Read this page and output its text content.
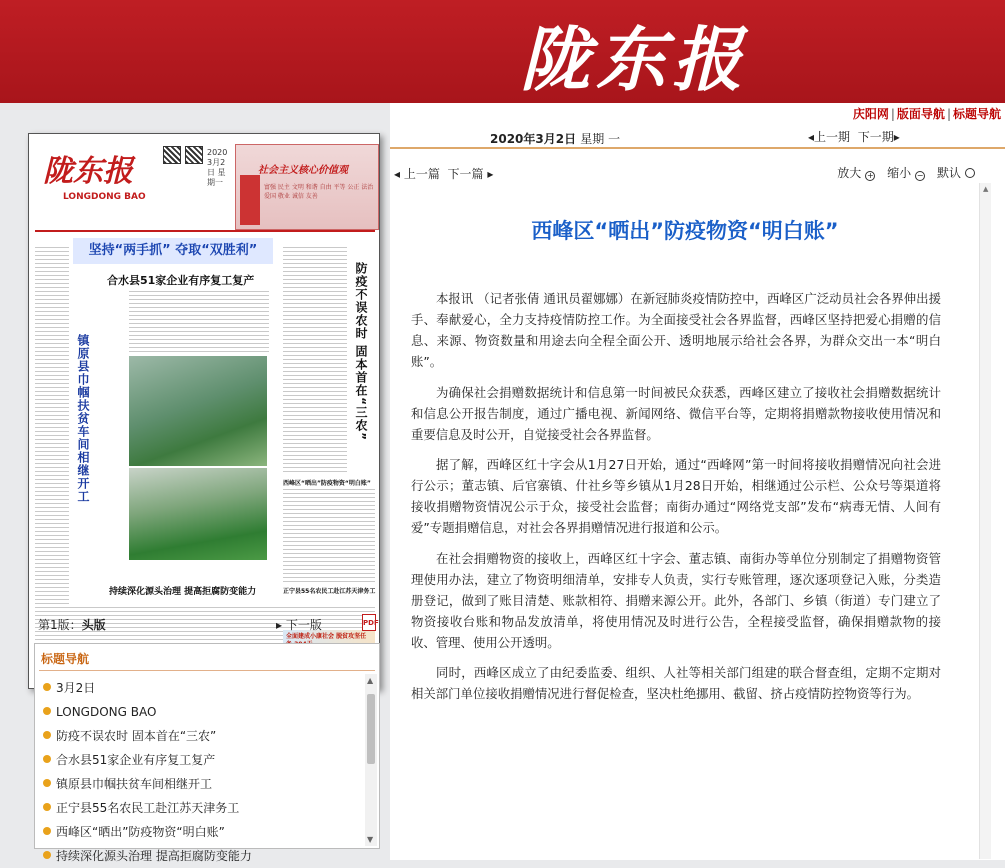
陇东报
庆阳网 | 版面导航 | 标题导航
陇东报
LONGDONG BAO
2020 3月2日 星期一
社会主义核心价值观
富强 民主 文明 和谐 自由 平等 公正 法治 爱国 敬业 诚信 友善
坚持“两手抓” 夺取“双胜利”
合水县51家企业有序复工复产
镇原县巾帼扶贫车间相继开工	防疫不误农时 固本首在“三农”
持续深化源头治理 提高拒腐防变能力
西峰区“晒出”防疫物资“明白账”
正宁县55名农民工赴江苏天津务工
全面建成小康社会 脱贫攻坚任
第1版：头版	▸ 下一版	PDF
标题导航
3月2日
LONGDONG BAO
防疫不误农时 固本首在“三农”
合水县51家企业有序复工复产
镇原县巾帼扶贫车间相继开工
正宁县55名农民工赴江苏天津务工
西峰区“晒出”防疫物资“明白账”
持续深化源头治理 提高拒腐防变能力
▲
▼
2020年3月2日 星期 一	◂上一期 下一期▸
◂ 上一篇 下一篇 ▸	放大 + 缩小 − 默认
▲
西峰区“晒出”防疫物资“明白账”

本报讯 （记者张倩 通讯员翟娜娜）在新冠肺炎疫情防控中，西峰区广泛动员社会各界伸出援手、奉献爱心，全力支持疫情防控工作。为全面接受社会各界监督，西峰区坚持把爱心捐赠的信息、来源、物资数量和用途去向全程全面公开、透明地展示给社会各界，为群众交出一本“明白账”。

为确保社会捐赠数据统计和信息第一时间被民众获悉，西峰区建立了接收社会捐赠数据统计和信息公开报告制度，通过广播电视、新闻网络、微信平台等，定期将捐赠款物接收使用情况和重要信息及时公开，自觉接受社会各界监督。

据了解，西峰区红十字会从1月27日开始，通过“西峰网”第一时间将接收捐赠情况向社会进行公示；董志镇、后官寨镇、什社乡等乡镇从1月28日开始，相继通过公示栏、公众号等渠道将接收捐赠物资情况公示于众，接受社会监督；南街办通过“网络党支部”发布“病毒无情、人间有爱”专题捐赠信息，对社会各界捐赠情况进行报道和公示。

在社会捐赠物资的接收上，西峰区红十字会、董志镇、南街办等单位分别制定了捐赠物资管理使用办法，建立了物资明细清单，安排专人负责，实行专账管理，逐次逐项登记入账，分类造册登记，做到了账目清楚、账款相符、捐赠来源公开。此外，各部门、乡镇（街道）专门建立了物资接收台账和物品发放清单，将使用情况及时进行公告，全程接受监督，确保捐赠款物的接收、管理、使用公开透明。

同时，西峰区成立了由纪委监委、组织、人社等相关部门组建的联合督查组，定期不定期对相关部门单位接收捐赠情况进行督促检查，坚决杜绝挪用、截留、挤占疫情防控物资等行为。
